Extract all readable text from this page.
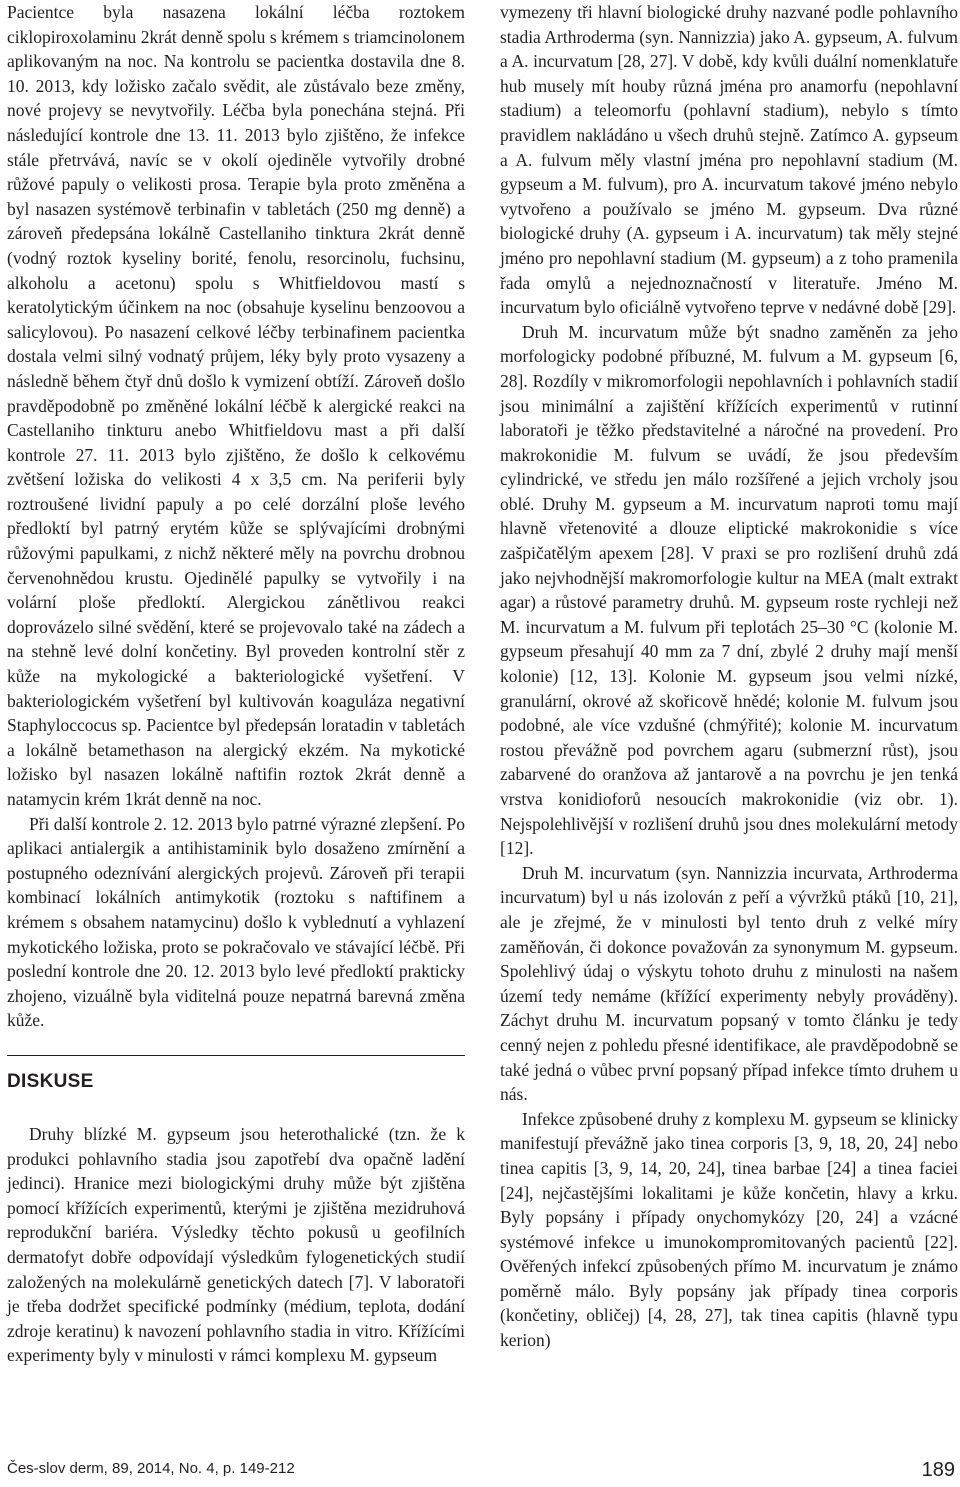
Pacientce byla nasazena lokální léčba roztokem ciklopiroxolaminu 2krát denně spolu s krémem s triamcinolonem aplikovaným na noc. Na kontrolu se pacientka dostavila dne 8. 10. 2013, kdy ložisko začalo svědit, ale zůstávalo beze změny, nové projevy se nevytvořily. Léčba byla ponechána stejná. Při následující kontrole dne 13. 11. 2013 bylo zjištěno, že infekce stále přetrvává, navíc se v okolí ojediněle vytvořily drobné růžové papuly o velikosti prosa. Terapie byla proto změněna a byl nasazen systémově terbinafin v tabletách (250 mg denně) a zároveň předepsána lokálně Castellaniho tinktura 2krát denně (vodný roztok kyseliny borité, fenolu, resorcinolu, fuchsinu, alkoholu a acetonu) spolu s Whitfieldovou mastí s keratolytickým účinkem na noc (obsahuje kyselinu benzoovou a salicylovou). Po nasazení celkové léčby terbinafinem pacientka dostala velmi silný vodnatý průjem, léky byly proto vysazeny a následně během čtyř dnů došlo k vymizení obtíží. Zároveň došlo pravděpodobně po změněné lokální léčbě k alergické reakci na Castellaniho tinkturu anebo Whitfieldovu mast a při další kontrole 27. 11. 2013 bylo zjištěno, že došlo k celkovému zvětšení ložiska do velikosti 4 x 3,5 cm. Na periferii byly roztroušené lividní papuly a po celé dorzální ploše levého předloktí byl patrný erytém kůže se splývajícími drobnými růžovými papulkami, z nichž některé měly na povrchu drobnou červenohnědou krustu. Ojedinělé papulky se vytvořily i na volární ploše předloktí. Alergickou zánětlivou reakci doprovázelo silné svědění, které se projevovalo také na zádech a na stehně levé dolní končetiny. Byl proveden kontrolní stěr z kůže na mykologické a bakteriologické vyšetření. V bakteriologickém vyšetření byl kultivován koaguláza negativní Staphyloccocus sp. Pacientce byl předepsán loratadin v tabletách a lokálně betamethason na alergický ekzém. Na mykotické ložisko byl nasazen lokálně naftifin roztok 2krát denně a natamycin krém 1krát denně na noc.

Při další kontrole 2. 12. 2013 bylo patrné výrazné zlepšení. Po aplikaci antialergik a antihistaminik bylo dosaženo zmírnění a postupného odeznívání alergických projevů. Zároveň při terapii kombinací lokálních antimykotik (roztoku s naftifinem a krémem s obsahem natamycinu) došlo k vyblednutí a vyhlazení mykotického ložiska, proto se pokračovalo ve stávající léčbě. Při poslední kontrole dne 20. 12. 2013 bylo levé předloktí prakticky zhojeno, vizuálně byla viditelná pouze nepatrná barevná změna kůže.

DISKUSE

Druhy blízké M. gypseum jsou heterothalické (tzn. že k produkci pohlavního stadia jsou zapotřebí dva opačně ladění jedinci). Hranice mezi biologickými druhy může být zjištěna pomocí křížících experimentů, kterými je zjištěna mezidruhová reprodukční bariéra. Výsledky těchto pokusů u geofilních dermatofyt dobře odpovídají výsledkům fylogenetických studií založených na molekulárně genetických datech [7]. V laboratoři je třeba dodržet specifické podmínky (médium, teplota, dodání zdroje keratinu) k navození pohlavního stadia in vitro. Křížícími experimenty byly v minulosti v rámci komplexu M. gypseum

vymezeny tři hlavní biologické druhy nazvané podle pohlavního stadia Arthroderma (syn. Nannizzia) jako A. gypseum, A. fulvum a A. incurvatum [28, 27]. V době, kdy kvůli duální nomenklatuře hub musely mít houby různá jména pro anamorfu (nepohlavní stadium) a teleomorfu (pohlavní stadium), nebylo s tímto pravidlem nakládáno u všech druhů stejně. Zatímco A. gypseum a A. fulvum měly vlastní jména pro nepohlavní stadium (M. gypseum a M. fulvum), pro A. incurvatum takové jméno nebylo vytvořeno a používalo se jméno M. gypseum. Dva různé biologické druhy (A. gypseum i A. incurvatum) tak měly stejné jméno pro nepohlavní stadium (M. gypseum) a z toho pramenila řada omylů a nejednoznačností v literatuře. Jméno M. incurvatum bylo oficiálně vytvořeno teprve v nedávné době [29].

Druh M. incurvatum může být snadno zaměněn za jeho morfologicky podobné příbuzné, M. fulvum a M. gypseum [6, 28]. Rozdíly v mikromorfologii nepohlavních i pohlavních stadií jsou minimální a zajištění křížících experimentů v rutinní laboratoři je těžko představitelné a náročné na provedení. Pro makrokonidie M. fulvum se uvádí, že jsou především cylindrické, ve středu jen málo rozšířené a jejich vrcholy jsou oblé. Druhy M. gypseum a M. incurvatum naproti tomu mají hlavně vřetenovité a dlouze eliptické makrokonidie s více zašpičatělým apexem [28]. V praxi se pro rozlišení druhů zdá jako nejvhodnější makromorfologie kultur na MEA (malt extrakt agar) a růstové parametry druhů. M. gypseum roste rychleji než M. incurvatum a M. fulvum při teplotách 25–30 °C (kolonie M. gypseum přesahují 40 mm za 7 dní, zbylé 2 druhy mají menší kolonie) [12, 13]. Kolonie M. gypseum jsou velmi nízké, granulární, okrové až skořicově hnědé; kolonie M. fulvum jsou podobné, ale více vzdušné (chmýřité); kolonie M. incurvatum rostou převážně pod povrchem agaru (submerzní růst), jsou zabarvené do oranžova až jantarově a na povrchu je jen tenká vrstva konidioforů nesoucích makrokonidie (viz obr. 1). Nejspolehlivější v rozlišení druhů jsou dnes molekulární metody [12].

Druh M. incurvatum (syn. Nannizzia incurvata, Arthroderma incurvatum) byl u nás izolován z peří a vývržků ptáků [10, 21], ale je zřejmé, že v minulosti byl tento druh z velké míry zaměňován, či dokonce považován za synonymum M. gypseum. Spolehlivý údaj o výskytu tohoto druhu z minulosti na našem území tedy nemáme (křížící experimenty nebyly prováděny). Záchyt druhu M. incurvatum popsaný v tomto článku je tedy cenný nejen z pohledu přesné identifikace, ale pravděpodobně se také jedná o vůbec první popsaný případ infekce tímto druhem u nás.

Infekce způsobené druhy z komplexu M. gypseum se klinicky manifestují převážně jako tinea corporis [3, 9, 18, 20, 24] nebo tinea capitis [3, 9, 14, 20, 24], tinea barbae [24] a tinea faciei [24], nejčastějšími lokalitami je kůže končetin, hlavy a krku. Byly popsány i případy onychomykózy [20, 24] a vzácné systémové infekce u imunokompromitovaných pacientů [22]. Ověřených infekcí způsobených přímo M. incurvatum je známo poměrně málo. Byly popsány jak případy tinea corporis (končetiny, obličej) [4, 28, 27], tak tinea capitis (hlavně typu kerion)

Čes-slov derm, 89, 2014, No. 4, p. 149-212	189
